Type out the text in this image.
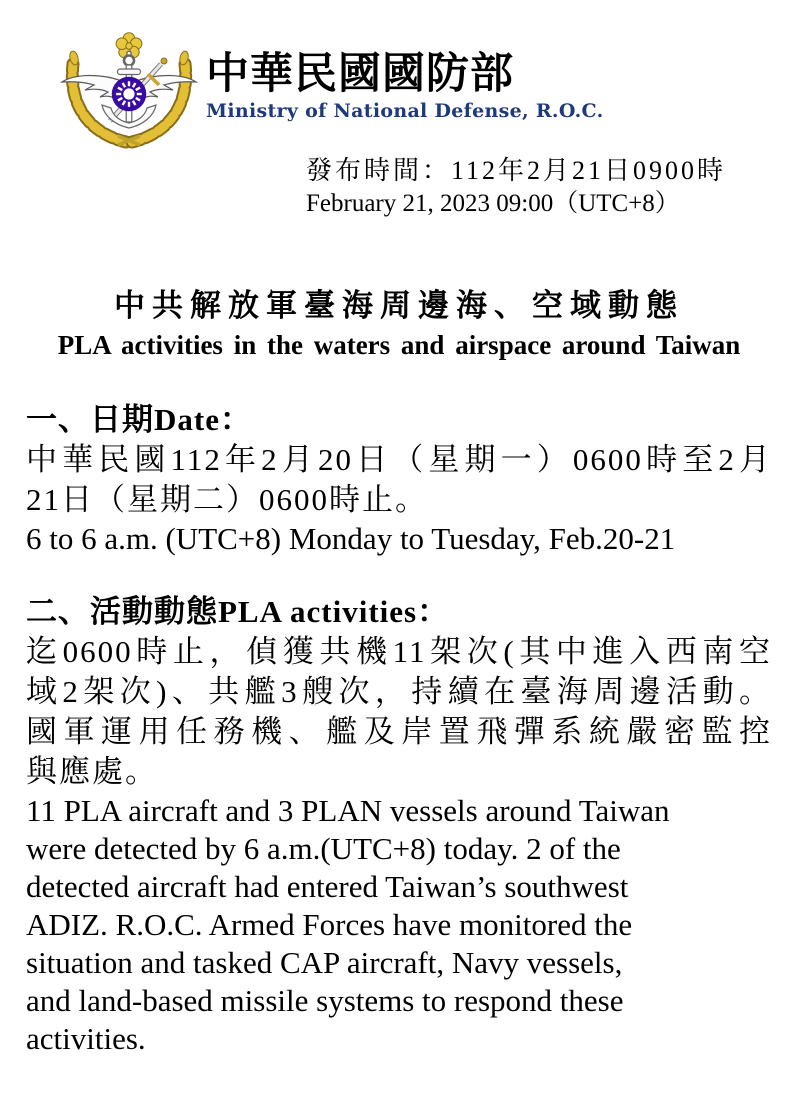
中華民國國防部
Ministry of National Defense, R.O.C.
發布時間：112年2月21日0900時
February 21, 2023 09:00（UTC+8）
中共解放軍臺海周邊海、空域動態
PLA activities in the waters and airspace around Taiwan
一、日期Date：
中華民國112年2月20日（星期一）0600時至2月
21日（星期二）0600時止。
6 to 6 a.m. (UTC+8) Monday to Tuesday, Feb.20-21
二、活動動態PLA activities：
迄0600時止，偵獲共機11架次(其中進入西南空
域2架次)、共艦3艘次，持續在臺海周邊活動。
國軍運用任務機、艦及岸置飛彈系統嚴密監控
與應處。
11 PLA aircraft and 3 PLAN vessels around Taiwan
were detected by 6 a.m.(UTC+8) today. 2 of the
detected aircraft had entered Taiwan’s southwest
ADIZ. R.O.C. Armed Forces have monitored the
situation and tasked CAP aircraft, Navy vessels,
and land-based missile systems to respond these
activities.
